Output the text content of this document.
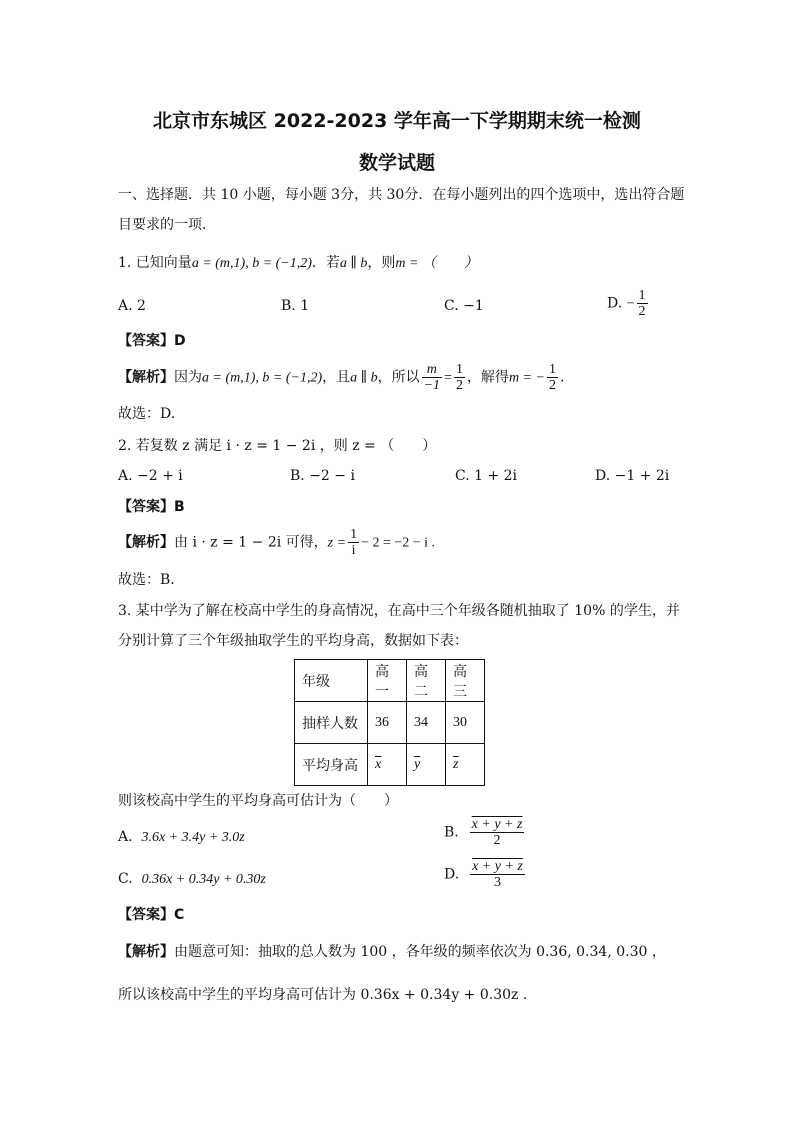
北京市东城区 2022-2023 学年高一下学期期末统一检测
数学试题
一、选择题．共 10 小题，每小题 3分，共 30分．在每小题列出的四个选项中，选出符合题
目要求的一项．
1. 已知向量a = (m,1), b = (−1,2)．若a ∥ b，则m = （　　）
A. 2	B. 1	C. −1	D. − $\frac{1}{2}$
【答案】D
【解析】因为a = (m,1), b = (−1,2)，且a ∥ b，所以 $\frac{m}{-1} = \frac{1}{2}$ ，解得m = − $\frac{1}{2}$ .
故选：D.
2. 若复数 z 满足 i · z = 1 − 2i ，则 z = （　　）
A. −2 + i	B. −2 − i	C. 1 + 2i	D. −1 + 2i
【答案】B
【解析】由 i · z = 1 − 2i 可得，$z = \frac{1}{i} - 2 = -2 - i$ .
故选：B.
3. 某中学为了解在校高中学生的身高情况，在高中三个年级各随机抽取了 10% 的学生，并
分别计算了三个年级抽取学生的平均身高，数据如下表：
年级	高一	高二	高三
抽样人数	36	34	30
平均身高	$\overline{x}$	$\overline{y}$	$\overline{z}$
则该校高中学生的平均身高可估计为（　　）
A. 3.6x + 3.4y + 3.0z	B. $\frac{x + y + z}{2}$
C. 0.36x + 0.34y + 0.30z	D. $\frac{x + y + z}{3}$
【答案】C
【解析】由题意可知：抽取的总人数为 100 ，各年级的频率依次为 0.36, 0.34, 0.30 ，
所以该校高中学生的平均身高可估计为 0.36x + 0.34y + 0.30z .
